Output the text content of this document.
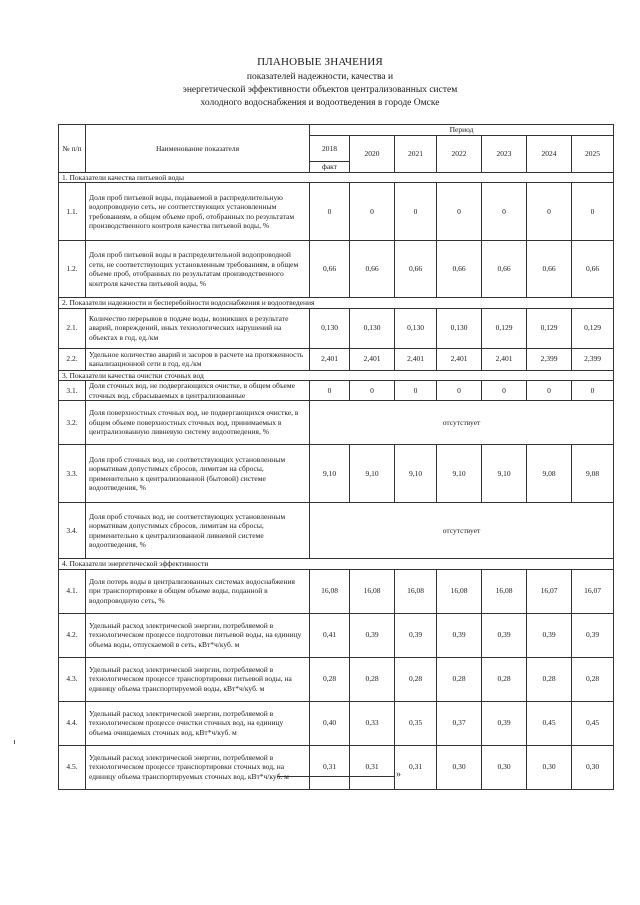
ПЛАНОВЫЕ ЗНАЧЕНИЯ
показателей надежности, качества и
энергетической эффективности объектов централизованных систем
холодного водоснабжения и водоотведения в городе Омске
№ п/п	Наименование показателя	Период						
		2018	2020	2021	2022	2023	2024	2025
		факт						
1. Показатели качества питьевой воды								
1.1.	Доля проб питьевой воды, подаваемой в распределительную водопроводную сеть, не соответствующих установленным требованиям, в общем объеме проб, отобранных по результатам производственного контроля качества питьевой воды, %	0	0	0	0	0	0	0
1.2.	Доля проб питьевой воды в распределительной водопроводной сети, не соответствующих установленным требованиям, в общем объеме проб, отобранных по результатам производственного контроля качества питьевой воды, %	0,66	0,66	0,66	0,66	0,66	0,66	0,66
2. Показатели надежности и бесперебойности водоснабжения и водоотведения								
2.1.	Количество перерывов в подаче воды, возникших в результате аварий, повреждений, иных технологических нарушений на объектах в год, ед./км	0,130	0,130	0,130	0,130	0,129	0,129	0,129
2.2.	Удельное количество аварий и засоров в расчете на протяженность канализационной сети в год, ед./км	2,401	2,401	2,401	2,401	2,401	2,399	2,399
3. Показатели качества очистки сточных вод								
3.1.	Доля сточных вод, не подвергающихся очистке, в общем объеме сточных вод, сбрасываемых в централизованные	0	0	0	0	0	0	0
3.2.	Доля поверхностных сточных вод, не подвергающихся очистке, в общем объеме поверхностных сточных вод, принимаемых в централизованную ливневую систему водоотведения, %	отсутствует						
3.3.	Доля проб сточных вод, не соответствующих установленным нормативам допустимых сбросов, лимитам на сбросы, применительно к централизованной (бытовой) системе водоотведения, %	9,10	9,10	9,10	9,10	9,10	9,08	9,08
3.4.	Доля проб сточных вод, не соответствующих установленным нормативам допустимых сбросов, лимитам на сбросы, применительно к централизованной ливневой системе водоотведения, %	отсутствует						
4. Показатели энергетической эффективности								
4.1.	Доля потерь воды в централизованных системах водоснабжения при транспортировке в общем объеме воды, поданной в водопроводную сеть, %	16,08	16,08	16,08	16,08	16,08	16,07	16,07
4.2.	Удельный расход электрической энергии, потребляемой в технологическом процессе подготовки питьевой воды, на единицу объема воды, отпускаемой в сеть, кВт*ч/куб. м	0,41	0,39	0,39	0,39	0,39	0,39	0,39
4.3.	Удельный расход электрической энергии, потребляемой в технологическом процессе транспортировки питьевой воды, на единицу объема транспортируемой воды, кВт*ч/куб. м	0,28	0,28	0,28	0,28	0,28	0,28	0,28
4.4.	Удельный расход электрической энергии, потребляемой в технологическом процессе очистки сточных вод, на единицу объема очищаемых сточных вод, кВт*ч/куб. м	0,40	0,33	0,35	0,37	0,39	0,45	0,45
4.5.	Удельный расход электрической энергии, потребляемой в технологическом процессе транспортировки сточных вод, на единицу объема транспортируемых сточных вод, кВт*ч/куб. м	0,31	0,31	0,31	0,30	0,30	0,30	0,30
»
